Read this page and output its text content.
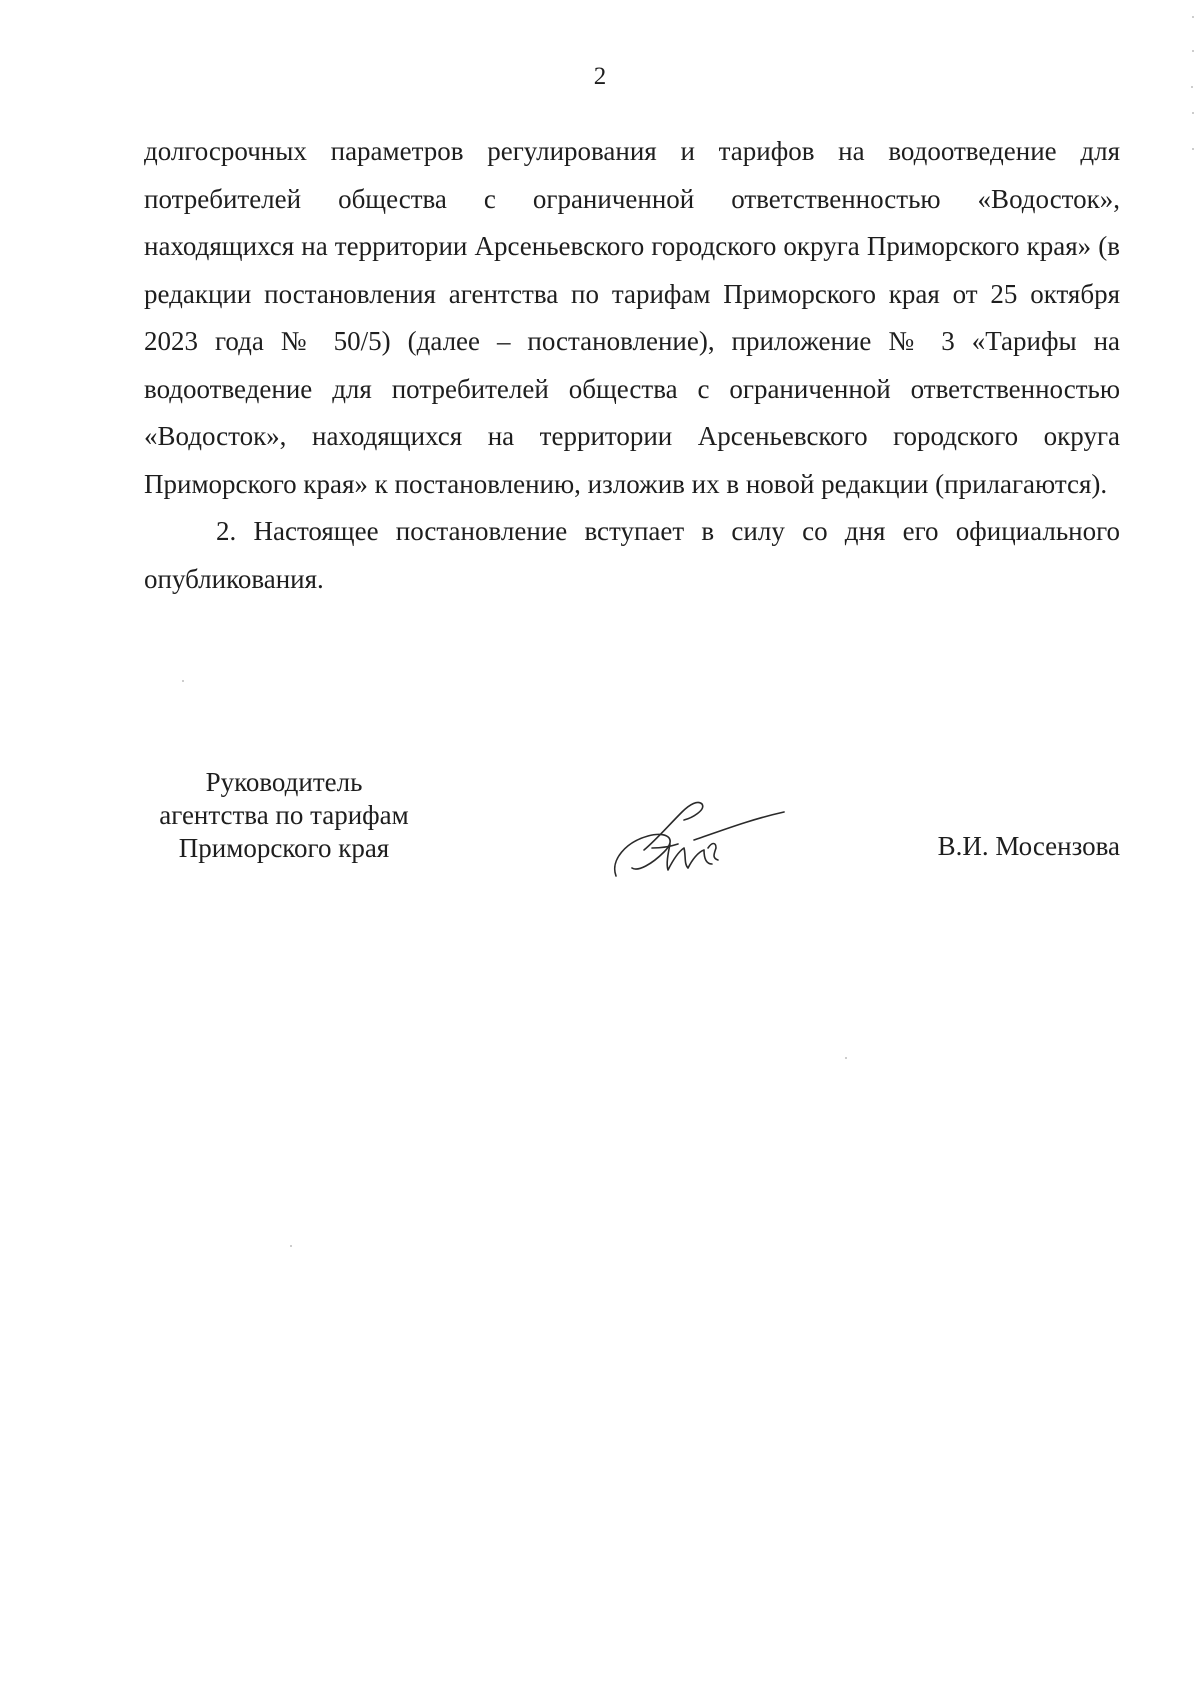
2

долгосрочных параметров регулирования и тарифов на водоотведение для потребителей общества с ограниченной ответственностью «Водосток», находящихся на территории Арсеньевского городского округа Приморского края» (в редакции постановления агентства по тарифам Приморского края от 25 октября 2023 года № 50/5) (далее – постановление), приложение № 3 «Тарифы на водоотведение для потребителей общества с ограниченной ответственностью «Водосток», находящихся на территории Арсеньевского городского округа Приморского края» к постановлению, изложив их в новой редакции (прилагаются).

2. Настоящее постановление вступает в силу со дня его официального опубликования.

Руководитель
агентства по тарифам
Приморского края	В.И. Мосензова
